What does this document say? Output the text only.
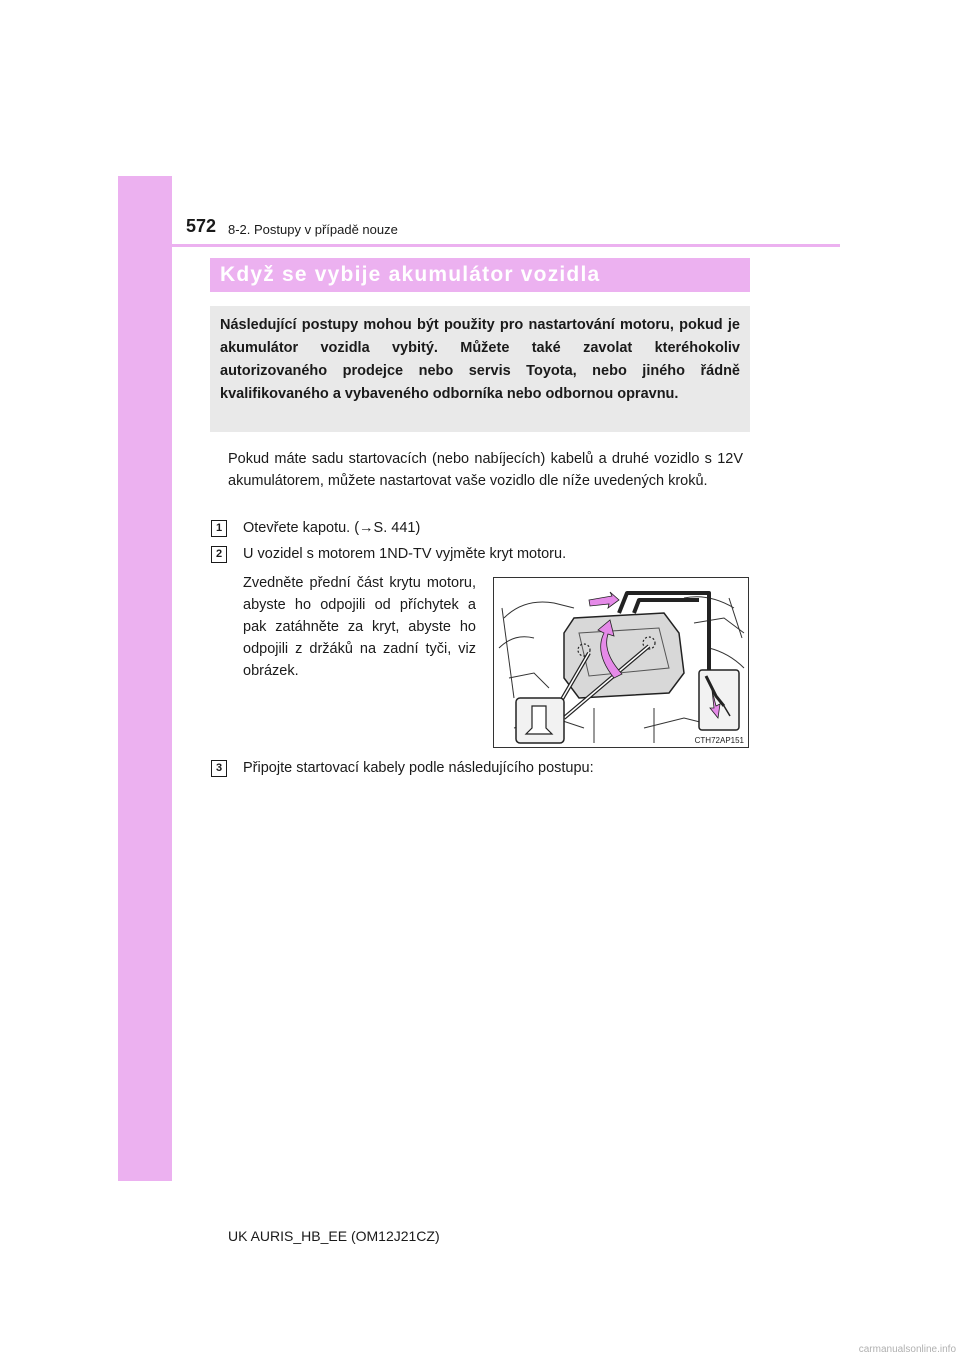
572 8-2. Postupy v případě nouze
Když se vybije akumulátor vozidla

Následující postupy mohou být použity pro nastartování motoru, pokud je akumulátor vozidla vybitý. Můžete také zavolat kteréhokoliv autorizovaného prodejce nebo servis Toyota, nebo jiného řádně kvalifikovaného a vybaveného odborníka nebo odbornou opravnu.

Pokud máte sadu startovacích (nebo nabíjecích) kabelů a druhé vozidlo s 12V akumulátorem, můžete nastartovat vaše vozidlo dle níže uvedených kroků.

1	Otevřete kapotu. (→S. 441)
2	U vozidel s motorem 1ND-TV vyjměte kryt motoru.

Zvedněte přední část krytu motoru, abyste ho odpojili od příchytek a pak zatáhněte za kryt, abyste ho odpojili z držáků na zadní tyči, viz obrázek.

CTH72AP151
3	Připojte startovací kabely podle následujícího postupu:
UK AURIS_HB_EE (OM12J21CZ)
carmanualsonline.info
